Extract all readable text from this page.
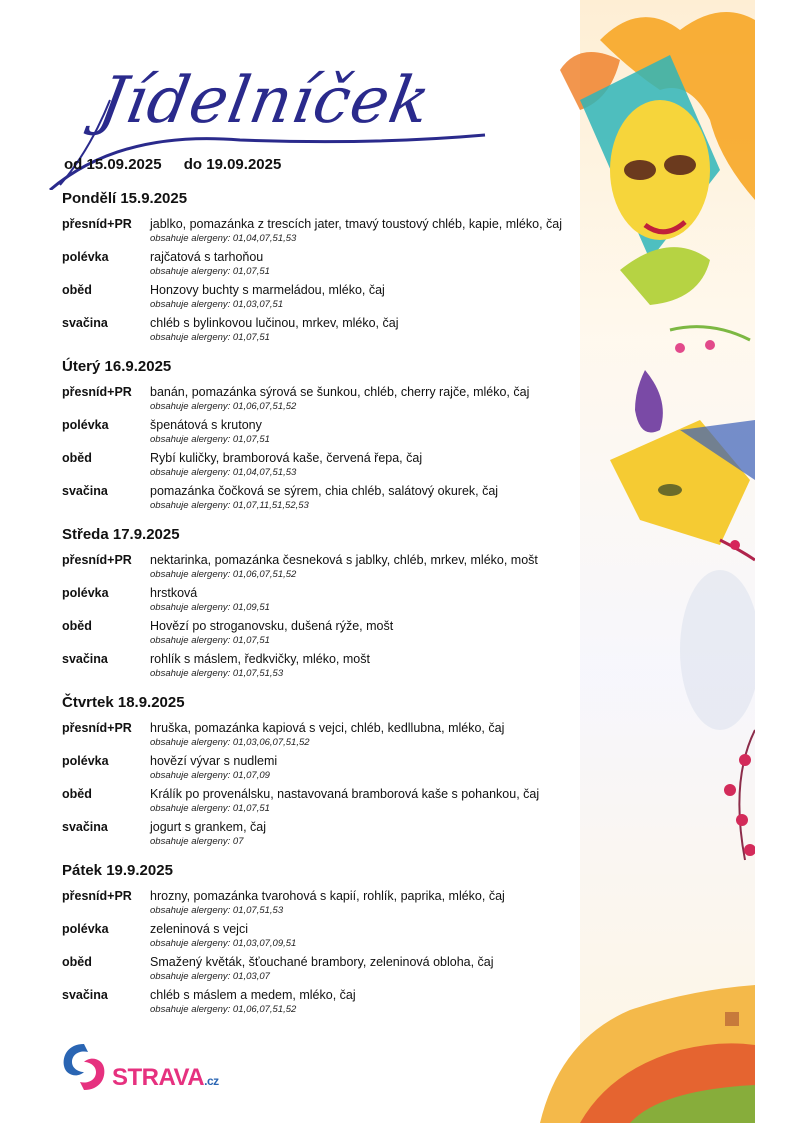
Jídelníček
od 15.09.2025 do 19.09.2025
Pondělí 15.9.2025
přesníd+PR	jablko, pomazánka z trescích jater, tmavý toustový chléb, kapie, mléko, čaj
obsahuje alergeny: 01,04,07,51,53
polévka	rajčatová s tarhoňou
obsahuje alergeny: 01,07,51
oběd	Honzovy buchty s marmeládou, mléko, čaj
obsahuje alergeny: 01,03,07,51
svačina	chléb s bylinkovou lučinou, mrkev, mléko, čaj
obsahuje alergeny: 01,07,51
Úterý 16.9.2025
přesníd+PR	banán, pomazánka sýrová se šunkou, chléb, cherry rajče, mléko, čaj
obsahuje alergeny: 01,06,07,51,52
polévka	špenátová s krutony
obsahuje alergeny: 01,07,51
oběd	Rybí kuličky, bramborová kaše, červená řepa, čaj
obsahuje alergeny: 01,04,07,51,53
svačina	pomazánka čočková se sýrem, chia chléb, salátový okurek, čaj
obsahuje alergeny: 01,07,11,51,52,53
Středa 17.9.2025
přesníd+PR	nektarinka, pomazánka česneková s jablky, chléb, mrkev, mléko, mošt
obsahuje alergeny: 01,06,07,51,52
polévka	hrstková
obsahuje alergeny: 01,09,51
oběd	Hovězí po stroganovsku, dušená rýže, mošt
obsahuje alergeny: 01,07,51
svačina	rohlík s máslem, ředkvičky, mléko, mošt
obsahuje alergeny: 01,07,51,53
Čtvrtek 18.9.2025
přesníd+PR	hruška, pomazánka kapiová s vejci, chléb, kedllubna, mléko, čaj
obsahuje alergeny: 01,03,06,07,51,52
polévka	hovězí vývar s nudlemi
obsahuje alergeny: 01,07,09
oběd	Králík po provenálsku, nastavovaná bramborová kaše s pohankou, čaj
obsahuje alergeny: 01,07,51
svačina	jogurt s grankem, čaj
obsahuje alergeny: 07
Pátek 19.9.2025
přesníd+PR	hrozny, pomazánka tvarohová s kapií, rohlík, paprika, mléko, čaj
obsahuje alergeny: 01,07,51,53
polévka	zeleninová s vejci
obsahuje alergeny: 01,03,07,09,51
oběd	Smažený květák, šťouchané brambory, zeleninová obloha, čaj
obsahuje alergeny: 01,03,07
svačina	chléb s máslem a medem, mléko, čaj
obsahuje alergeny: 01,06,07,51,52
STRAVA.cz
